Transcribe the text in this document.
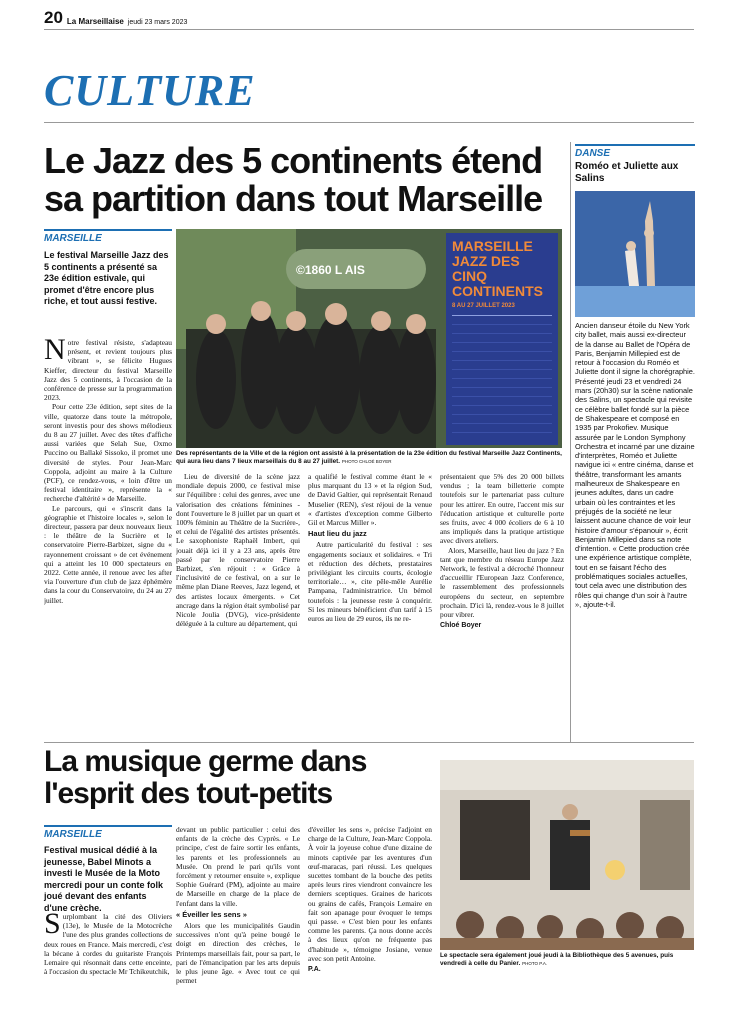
20 La Marseillaise jeudi 23 mars 2023
CULTURE
Le Jazz des 5 continents étend sa partition dans tout Marseille
MARSEILLE
Le festival Marseille Jazz des 5 continents a présenté sa 23e édition estivale, qui promet d'être encore plus riche, et tout aussi festive.
©1860 L AIS
MARSEILLE JAZZ DES CINQ CONTINENTS
8 AU 27 JUILLET 2023
Des représentants de la Ville et de la région ont assisté à la présentation de la 23e édition du festival Marseille Jazz Continents, qui aura lieu dans 7 lieux marseillais du 8 au 27 juillet. PHOTO CHLOÉ BOYER

Notre festival résiste, s'adapteau présent, et revient toujours plus vibrant », se félicite Hugues Kieffer, directeur du festival Marseille Jazz des 5 continents, à l'occasion de la conférence de presse sur la programmation 2023.

Pour cette 23e édition, sept sites de la ville, quatorze dans toute la métropole, seront investis pour des shows mélodieux du 8 au 27 juillet. Avec des têtes d'affiche aussi variées que Selah Sue, Oxmo Puccino ou Ballaké Sissoko, il promet une diversité de styles. Pour Jean-Marc Coppola, adjoint au maire à la Culture (PCF), ce rendez-vous, « loin d'être un festival identitaire », représente la « recherche d'altérité » de Marseille.

Le parcours, qui « s'inscrit dans la géographie et l'histoire locales », selon le directeur, passera par deux nouveaux lieux : le théâtre de la Sucrière et le conservatoire Pierre-Barbizet, signe du « rayonnement croissant » de cet événement qui a atteint les 10 000 spectateurs en 2022. Cette année, il renoue avec les after via l'ouverture d'un club de jazz éphémère dans la cour du Conservatoire, du 24 au 27 juillet.

Lieu de diversité de la scène jazz mondiale depuis 2000, ce festival mise sur l'équilibre : celui des genres, avec une valorisation des créations féminines - dont l'ouverture le 8 juillet par un quart et 100% féminin au Théâtre de la Sucrière-, et celui de l'égalité des artistes présentés. Le saxophoniste Raphaël Imbert, qui jouait déjà ici il y a 23 ans, après être passé par le conservatoire Pierre Barbizet, s'en réjouit : « Grâce à l'inclusivité de ce festival, on a sur le même plan Diane Reeves, Jazz legend, et des artistes locaux émergents. » Cet ancrage dans la région était symbolisé par Nicole Joulia (DVG), vice-présidente déléguée à la culture au département, qui

a qualifié le festival comme étant le « plus marquant du 13 » et la région Sud, de David Galtier, qui représentait Renaud Muselier (REN), s'est réjoui de la venue « d'artistes d'exception comme Gilberto Gil et Marcus Miller ».

Haut lieu du jazz

Autre particularité du festival : ses engagements sociaux et solidaires. « Tri et réduction des déchets, prestataires privilégiant les circuits courts, écologie territoriale… », cite pêle-mêle Aurélie Pampana, l'administratrice. Un bémol toutefois : la jeunesse reste à conquérir. Si les mineurs bénéficient d'un tarif à 15 euros au lieu de 29 euros, ils ne re-

présentaient que 5% des 20 000 billets vendus ; la team billetterie compte toutefois sur le partenariat pass culture pour les attirer. En outre, l'accent mis sur l'éducation artistique et culturelle porte ses fruits, avec 4 000 écoliers de 6 à 10 ans impliqués dans la pratique artistique avec divers ateliers.

Alors, Marseille, haut lieu du jazz ? En tant que membre du réseau Europe Jazz Network, le festival a décroché l'honneur d'accueillir l'European Jazz Conference, le rassemblement des professionnels européens du secteur, en septembre prochain. D'ici là, rendez-vous le 8 juillet pour vibrer.

Chloé Boyer
DANSE
Roméo et Juliette aux Salins
Ancien danseur étoile du New York city ballet, mais aussi ex-directeur de la danse au Ballet de l'Opéra de Paris, Benjamin Millepied est de retour à l'occasion du Roméo et Juliette dont il signe la chorégraphie. Présenté jeudi 23 et vendredi 24 mars (20h30) sur la scène nationale des Salins, un spectacle qui revisite ce célèbre ballet fondé sur la pièce de Shakespeare et composé en 1935 par Prokofiev. Musique assurée par le London Symphony Orchestra et incarné par une dizaine d'interprètes, Roméo et Juliette navigue ici « entre cinéma, danse et théâtre, transformant les amants malheureux de Shakespeare en jeunes adultes, dans un cadre urbain où les contraintes et les préjugés de la société ne leur laissent aucune chance de voir leur histoire d'amour s'épanouir », écrit Benjamin Millepied dans sa note d'intention. « Cette production crée une expérience artistique complète, tout en se faisant l'écho des problématiques sociales actuelles, tout cela avec une distribution des rôles qui change d'un soir à l'autre », ajoute-t-il.
La musique germe dans l'esprit des tout-petits
MARSEILLE
Festival musical dédié à la jeunesse, Babel Minots a investi le Musée de la Moto mercredi pour un conte folk joué devant des enfants d'une crèche.

Surplombant la cité des Oliviers (13e), le Musée de la Motocrèche l'une des plus grandes collections de deux roues en France. Mais mercredi, c'est la bécane à cordes du guitariste François Lemaire qui résonnait dans cette enceinte, à l'occasion du spectacle Mr Tchikeutchik,

devant un public particulier : celui des enfants de la crèche des Cyprès. « Le principe, c'est de faire sortir les enfants, les parents et les professionnels au Musée. On prend le pari qu'ils vont forcément y retourner ensuite », explique Sophie Guérard (PM), adjointe au maire de Marseille en charge de la place de l'enfant dans la ville.

« Éveiller les sens »

Alors que les municipalités Gaudin successives n'ont qu'à peine bougé le doigt en direction des crèches, le Printemps marseillais fait, pour sa part, le pari de l'émancipation par les arts depuis le plus jeune âge. « Avec tout ce qui permet

d'éveiller les sens », précise l'adjoint en charge de la Culture, Jean-Marc Coppola. À voir la joyeuse cohue d'une dizaine de minots captivée par les aventures d'un œuf-maracas, pari réussi. Les quelques sucettes tombant de la bouche des petits après leurs rires viendront convaincre les derniers sceptiques. Graines de haricots ou grains de cafés, François Lemaire en fait son apanage pour évoquer le temps qui passe. « C'est bien pour les enfants comme les parents. Ça nous donne accès à des lieux qu'on ne fréquente pas d'habitude », témoigne Josiane, venue avec son petit Antoine.

P.A.
Le spectacle sera également joué jeudi à la Bibliothèque des 5 avenues, puis vendredi à celle du Panier. PHOTO P.A.
